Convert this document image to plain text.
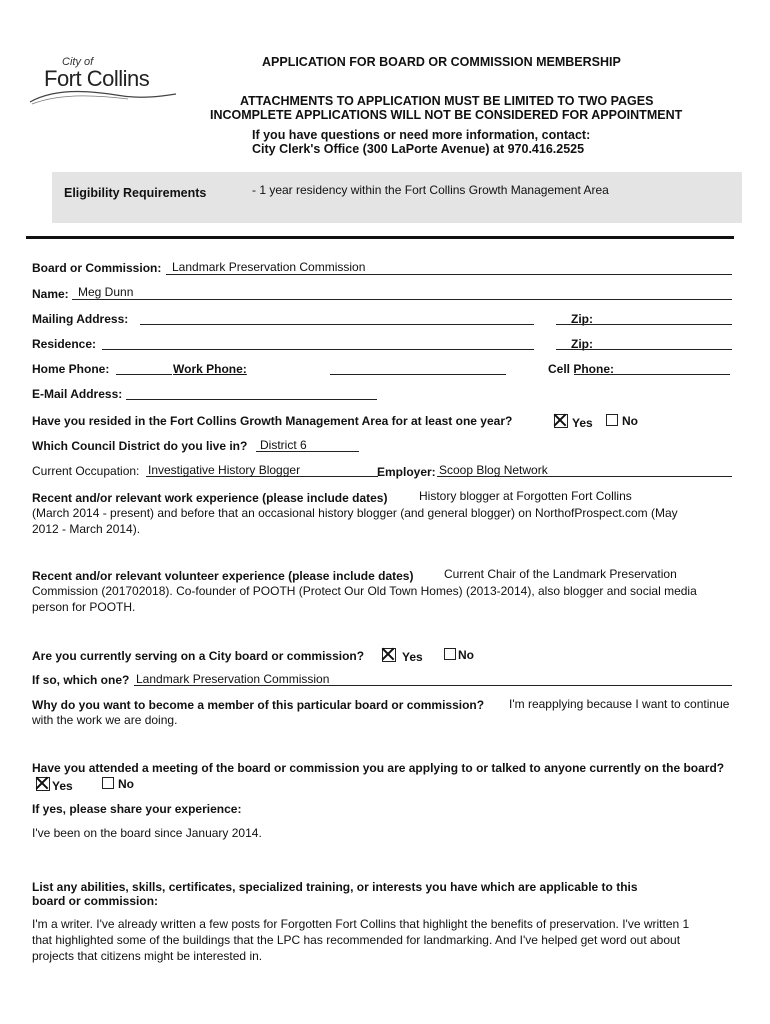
City of
Fort Collins
APPLICATION FOR BOARD OR COMMISSION MEMBERSHIP
ATTACHMENTS TO APPLICATION MUST BE LIMITED TO TWO PAGES
INCOMPLETE APPLICATIONS WILL NOT BE CONSIDERED FOR APPOINTMENT
If you have questions or need more information, contact:
City Clerk's Office (300 LaPorte Avenue) at 970.416.2525
Eligibility Requirements	- 1 year residency within the Fort Collins Growth Management Area
Board or Commission: Landmark Preservation Commission
Name: Meg Dunn
Mailing Address:	Zip:
Residence:	Zip:
Home Phone:	Work Phone:	Cell Phone:
E-Mail Address:
Have you resided in the Fort Collins Growth Management Area for at least one year?	Yes	No
Which Council District do you live in? District 6
Current Occupation: Investigative History Blogger	Employer: Scoop Blog Network
Recent and/or relevant work experience (please include dates)	History blogger at Forgotten Fort Collins
(March 2014 - present) and before that an occasional history blogger (and general blogger) on NorthofProspect.com (May 2012 - March 2014).
Recent and/or relevant volunteer experience (please include dates)	Current Chair of the Landmark Preservation
Commission (201702018). Co-founder of POOTH (Protect Our Old Town Homes) (2013-2014), also blogger and social media person for POOTH.
Are you currently serving on a City board or commission?	Yes	No
If so, which one? Landmark Preservation Commission
Why do you want to become a member of this particular board or commission? I'm reapplying because I want to continue
with the work we are doing.
Have you attended a meeting of the board or commission you are applying to or talked to anyone currently on the board?
Yes	No
If yes, please share your experience:
I've been on the board since January 2014.
List any abilities, skills, certificates, specialized training, or interests you have which are applicable to this
board or commission:
I'm a writer. I've already written a few posts for Forgotten Fort Collins that highlight the benefits of preservation. I've written 1 that highlighted some of the buildings that the LPC has recommended for landmarking. And I've helped get word out about projects that citizens might be interested in.
